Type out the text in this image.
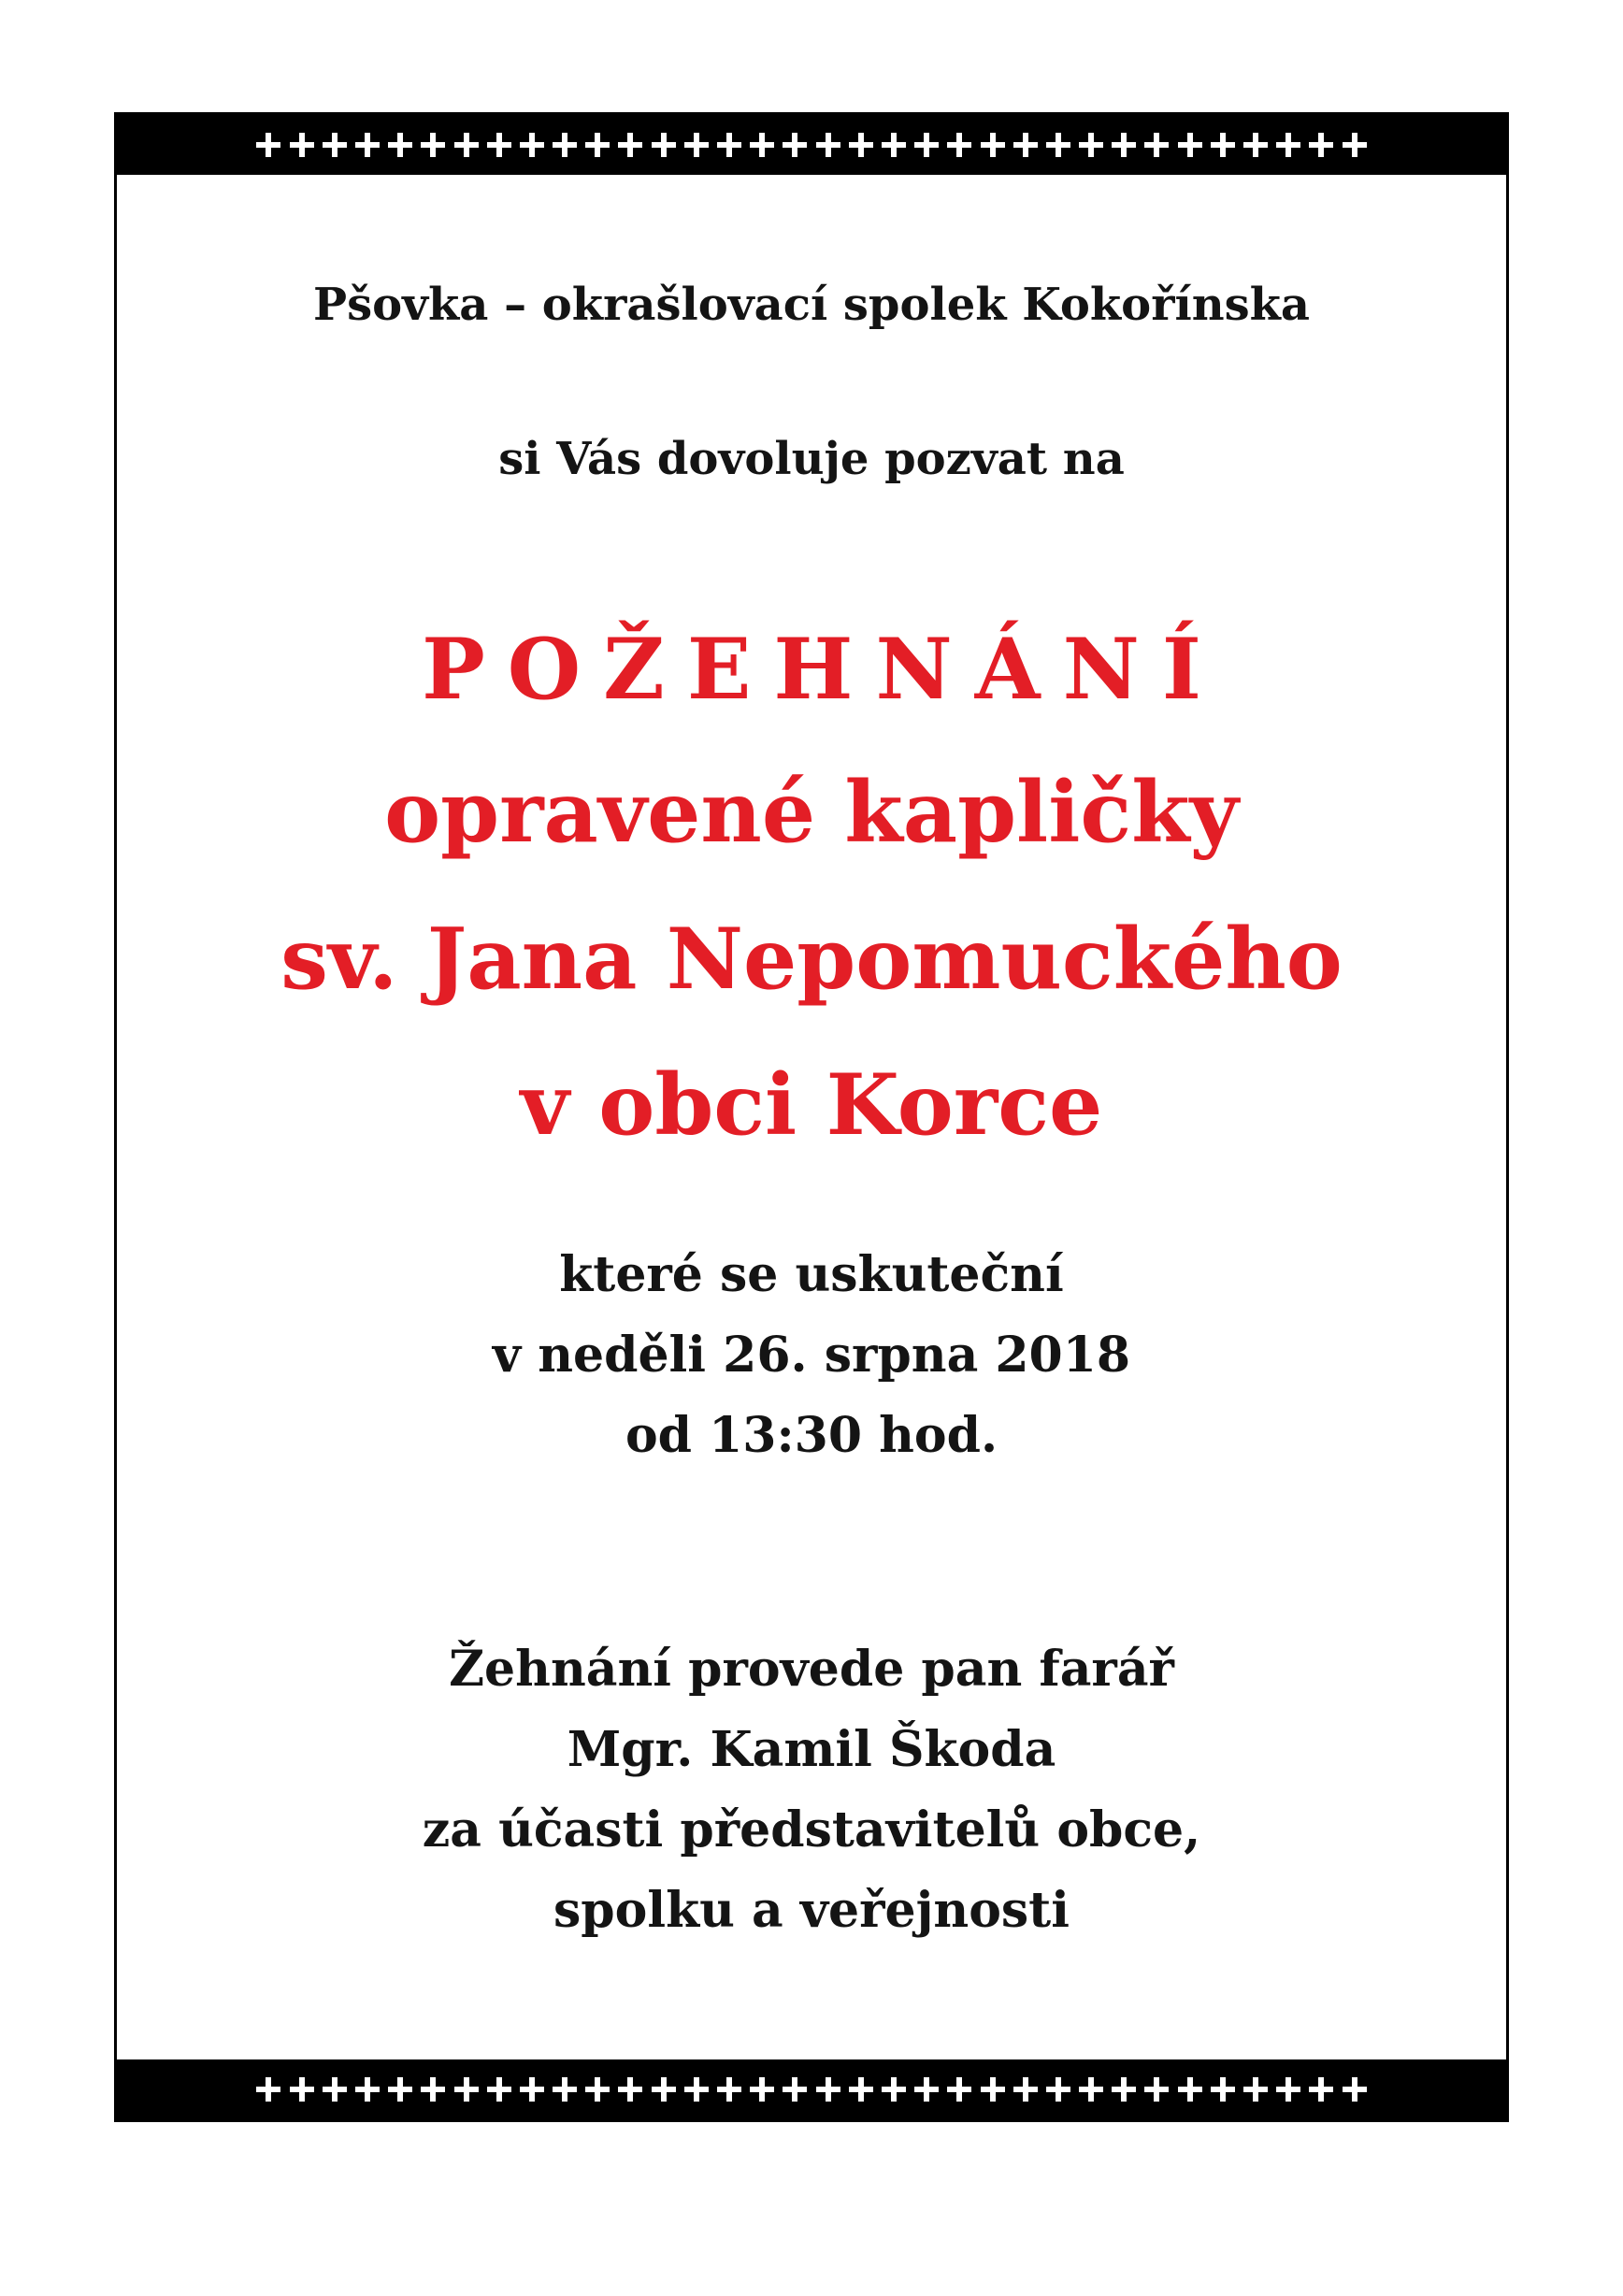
Pšovka – okrašlovací spolek Kokořínska

si Vás dovoluje pozvat na

POŽEHNÁNÍ

opravené kapličky

sv. Jana Nepomuckého

v obci Korce

které se uskuteční

v neděli 26. srpna 2018

od 13:30 hod.

Žehnání provede pan farář

Mgr. Kamil Škoda

za účasti představitelů obce,

spolku a veřejnosti
